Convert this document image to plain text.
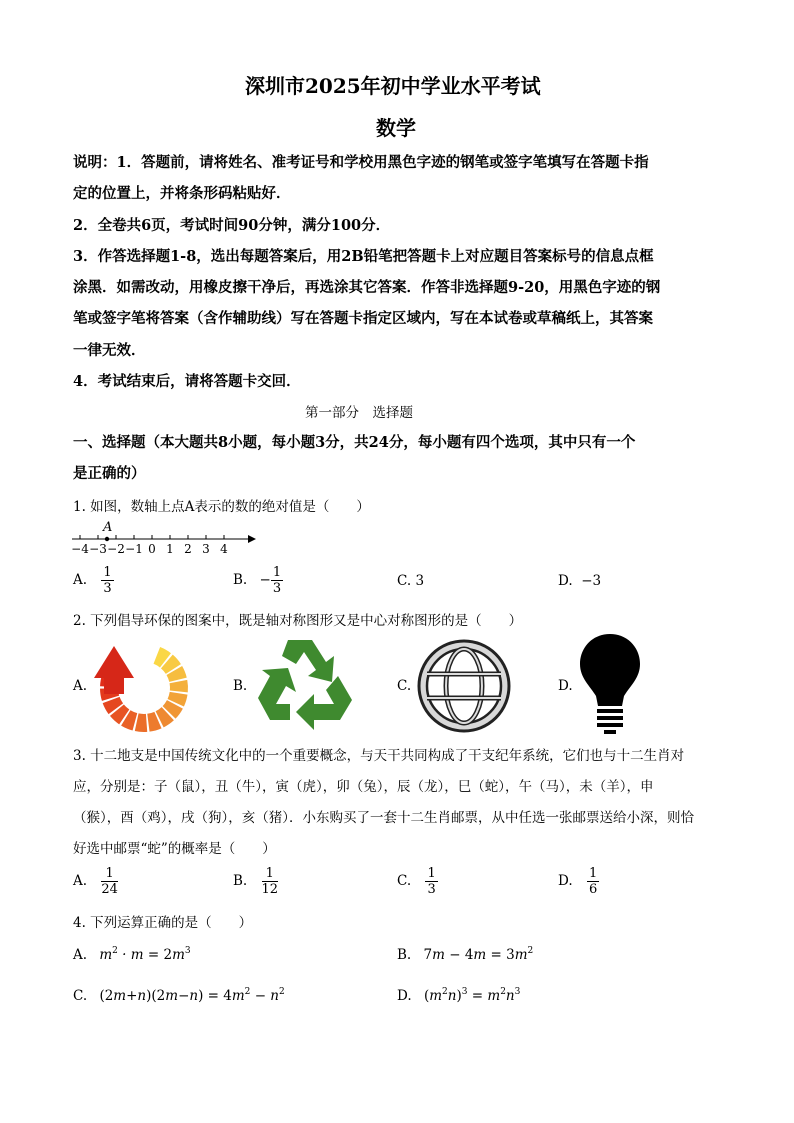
深圳市2025年初中学业水平考试
数学
说明：1．答题前，请将姓名、准考证号和学校用黑色字迹的钢笔或签字笔填写在答题卡指
定的位置上，并将条形码粘贴好．
2．全卷共6页，考试时间90分钟，满分100分．
3．作答选择题1-8，选出每题答案后，用2B铅笔把答题卡上对应题目答案标号的信息点框
涂黑．如需改动，用橡皮擦干净后，再选涂其它答案．作答非选择题9-20，用黑色字迹的钢
笔或签字笔将答案（含作辅助线）写在答题卡指定区域内，写在本试卷或草稿纸上，其答案
一律无效．
4．考试结束后，请将答题卡交回．
第一部分　选择题
一、选择题（本大题共8小题，每小题3分，共24分，每小题有四个选项，其中只有一个
是正确的）
1. 如图，数轴上点A表示的数的绝对值是（　　）
−4 −3 −2 −1 0 1 2 3 4
A
A. $\frac{1}{3}$	B. − $\frac{1}{3}$	C. 3	D. −3
2. 下列倡导环保的图案中，既是轴对称图形又是中心对称图形的是（　　）
A.	B.	C.	D.
3. 十二地支是中国传统文化中的一个重要概念，与天干共同构成了干支纪年系统，它们也与十二生肖对
应，分别是：子（鼠），丑（牛），寅（虎），卯（兔），辰（龙），巳（蛇），午（马），未（羊），申
（猴），酉（鸡），戌（狗），亥（猪）．小东购买了一套十二生肖邮票，从中任选一张邮票送给小深，则恰
好选中邮票“蛇”的概率是（　　）
A. $\frac{1}{24}$	B. $\frac{1}{12}$	C. $\frac{1}{3}$	D. $\frac{1}{6}$
4. 下列运算正确的是（　　）
A. $m^2 \cdot m = 2m^3$	B. $7m - 4m = 3m^2$
C. $(2m+n)(2m-n) = 4m^2 - n^2$	D. $(m^2n)^3 = m^2n^3$
